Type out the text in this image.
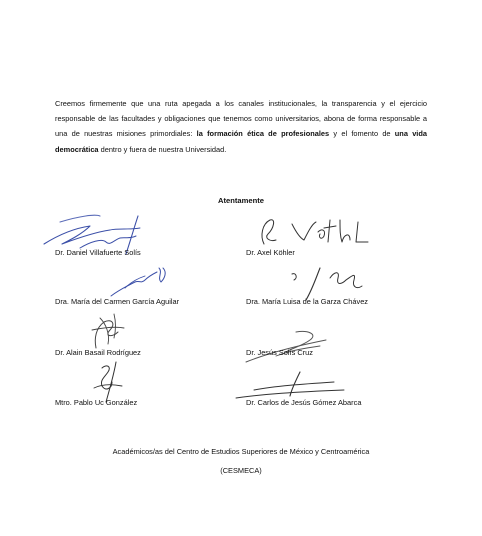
Creemos firmemente que una ruta apegada a los canales institucionales, la transparencia y el ejercicio responsable de las facultades y obligaciones que tenemos como universitarios, abona de forma responsable a una de nuestras misiones primordiales: la formación ética de profesionales y el fomento de una vida democrática dentro y fuera de nuestra Universidad.

Atentamente
Dr. Daniel Villafuerte Solís	Dr. Axel Köhler
Dra. María del Carmen García Aguilar	Dra. María Luisa de la Garza Chávez
Dr. Alain Basail Rodríguez	Dr. Jesús Solís Cruz
Mtro. Pablo Uc González	Dr. Carlos de Jesús Gómez Abarca
Académicos/as del Centro de Estudios Superiores de México y Centroamérica
(CESMECA)
